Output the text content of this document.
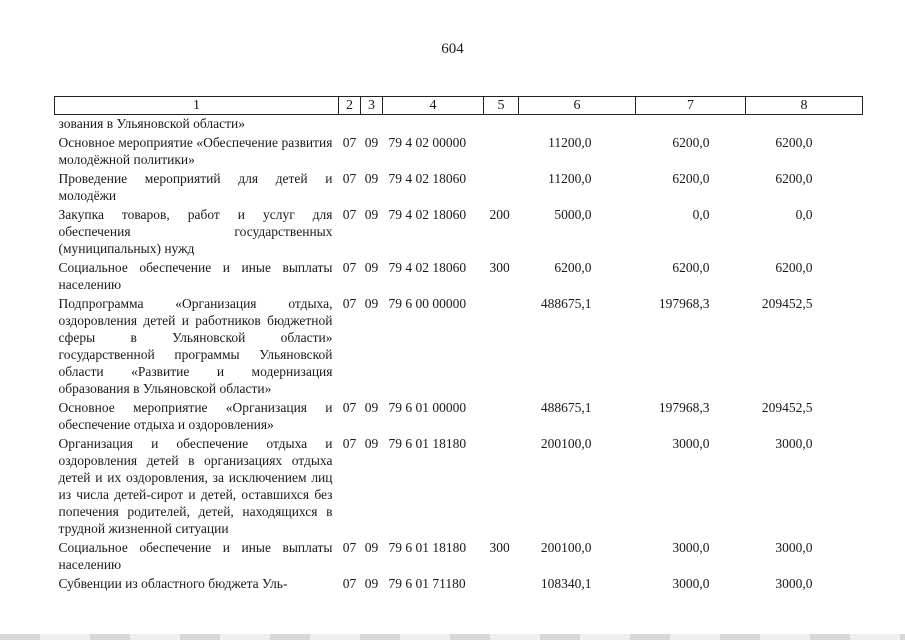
604
1	2	3	4	5	6	7	8
зования в Ульяновской области»							
Основное мероприятие «Обеспечение развития молодёжной политики»	07	09	79 4 02 00000		11200,0	6200,0	6200,0
Проведение мероприятий для детей и молодёжи	07	09	79 4 02 18060		11200,0	6200,0	6200,0
Закупка товаров, работ и услуг для обеспечения государственных (муниципальных) нужд	07	09	79 4 02 18060	200	5000,0	0,0	0,0
Социальное обеспечение и иные выплаты населению	07	09	79 4 02 18060	300	6200,0	6200,0	6200,0
Подпрограмма «Организация отдыха, оздоровления детей и работников бюджетной сферы в Ульяновской области» государственной программы Ульяновской области «Развитие и модернизация образования в Ульяновской области»	07	09	79 6 00 00000		488675,1	197968,3	209452,5
Основное мероприятие «Организация и обеспечение отдыха и оздоровления»	07	09	79 6 01 00000		488675,1	197968,3	209452,5
Организация и обеспечение отдыха и оздоровления детей в организациях отдыха детей и их оздоровления, за исключением лиц из числа детей-сирот и детей, оставшихся без попечения родителей, детей, находящихся в трудной жизненной ситуации	07	09	79 6 01 18180		200100,0	3000,0	3000,0
Социальное обеспечение и иные выплаты населению	07	09	79 6 01 18180	300	200100,0	3000,0	3000,0
Субвенции из областного бюджета Уль-	07	09	79 6 01 71180		108340,1	3000,0	3000,0
